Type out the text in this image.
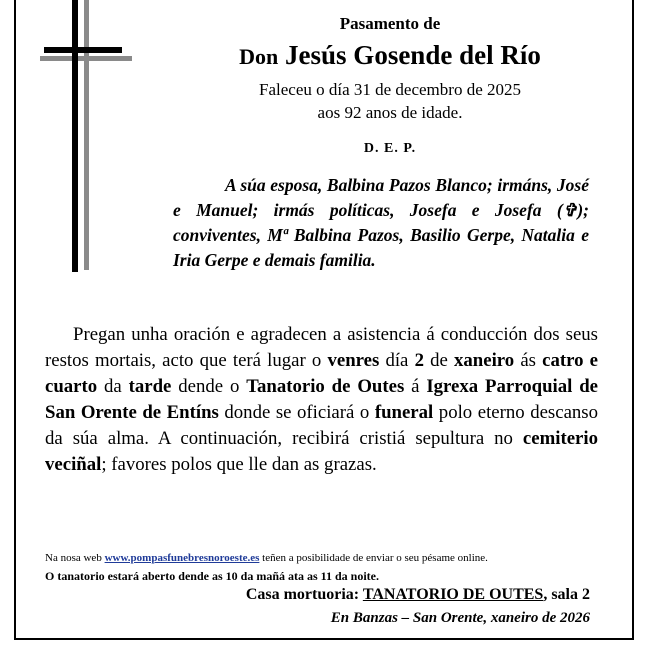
Pasamento de
Don Jesús Gosende del Río
Faleceu o día 31 de decembro de 2025
aos 92 anos de idade.
D. E. P.
A súa esposa, Balbina Pazos Blanco; irmáns, José e Manuel; irmás políticas, Josefa e Josefa (✞); conviventes, Mª Balbina Pazos, Basilio Gerpe, Natalia e Iria Gerpe e demais familia.
Pregan unha oración e agradecen a asistencia á conducción dos seus restos mortais, acto que terá lugar o venres día 2 de xaneiro ás catro e cuarto da tarde dende o Tanatorio de Outes á Igrexa Parroquial de San Orente de Entíns donde se oficiará o funeral polo eterno descanso da súa alma. A continuación, recibirá cristiá sepultura no cemiterio veciñal; favores polos que lle dan as grazas.
Na nosa web www.pompasfunebresnoroeste.es teñen a posibilidade de enviar o seu pésame online.
O tanatorio estará aberto dende as 10 da mañá ata as 11 da noite.
Casa mortuoria: TANATORIO DE OUTES, sala 2
En Banzas – San Orente, xaneiro de 2026
